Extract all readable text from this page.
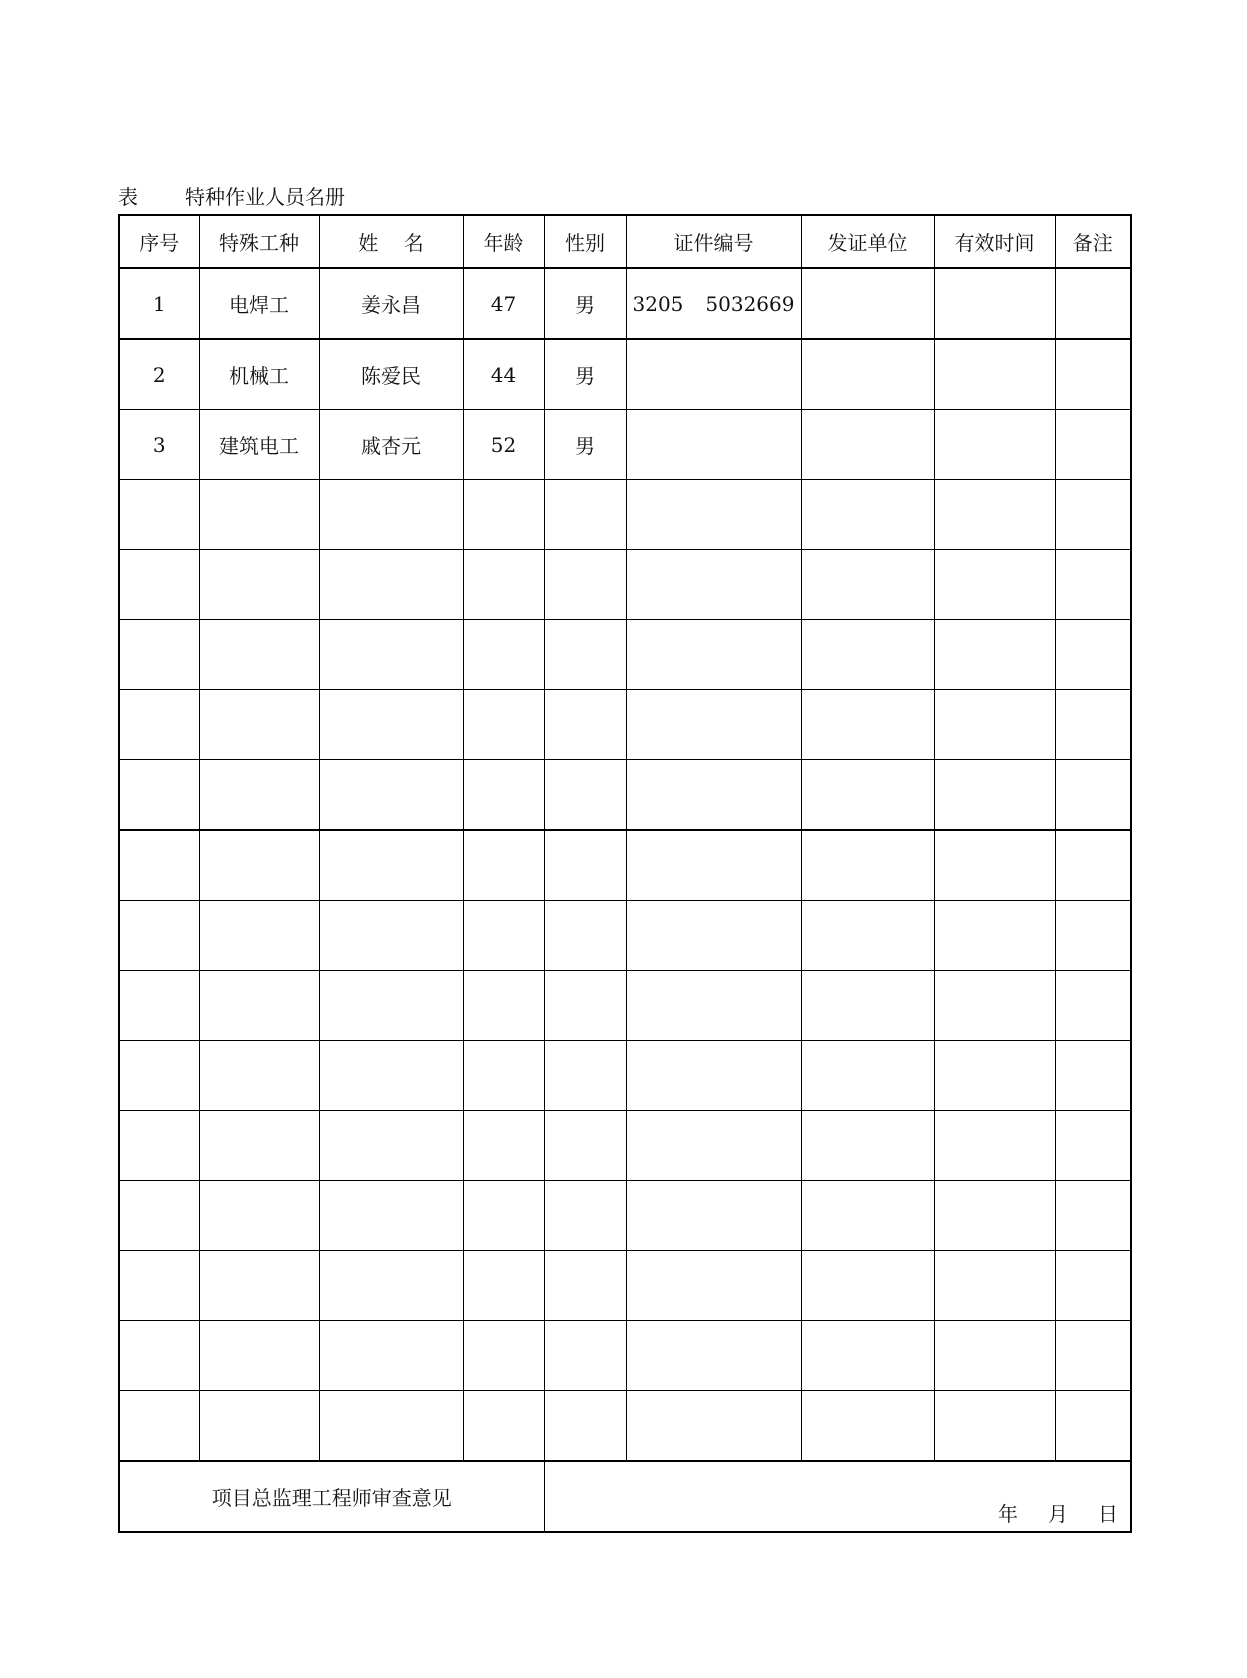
表 特种作业人员名册
序号	特殊工种	姓    名	年龄	性别	证件编号	发证单位	有效时间	备注
1	电焊工	姜永昌	47	男	3205 5032669			
2	机械工	陈爱民	44	男				
3	建筑电工	戚杏元	52	男				

项目总监理工程师审查意见				年 月 日				
